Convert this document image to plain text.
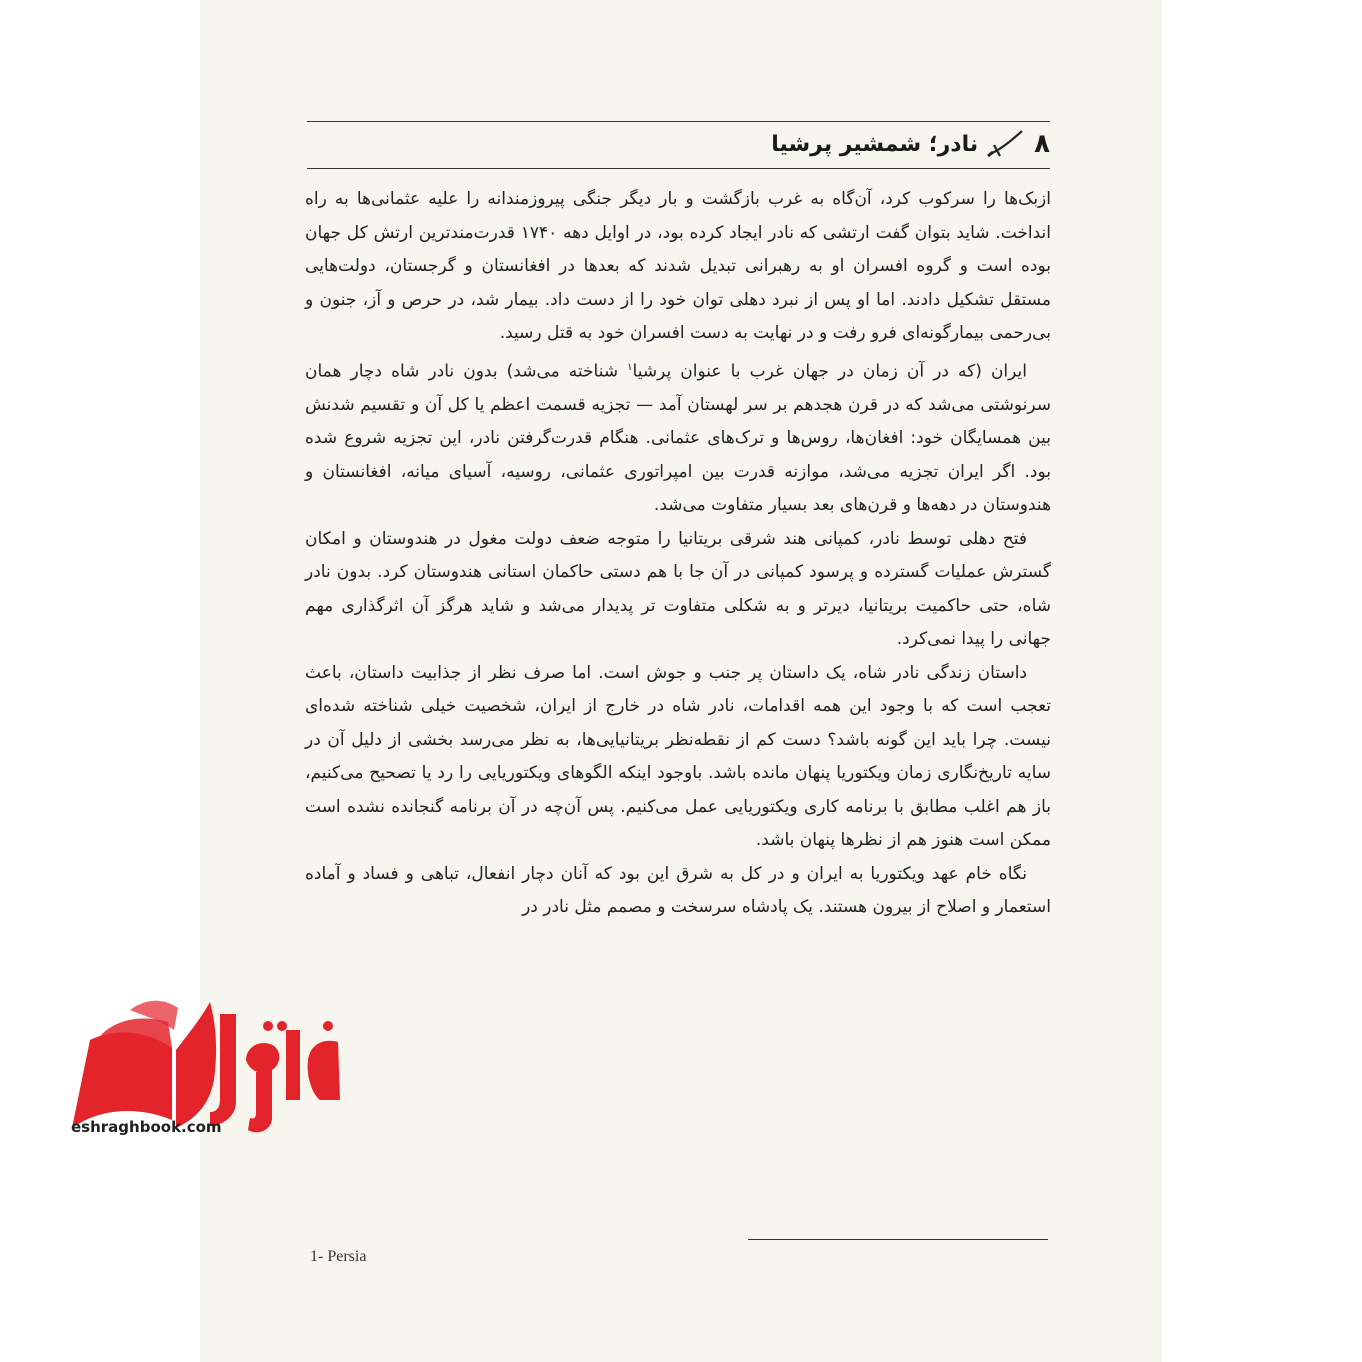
۸
نادر؛ شمشیر پرشیا

ازبک‌ها را سرکوب کرد، آن‌گاه به غرب بازگشت و بار دیگر جنگی پیروزمندانه را علیه عثمانی‌ها به راه انداخت. شاید بتوان گفت ارتشی که نادر ایجاد کرده بود، در اوایل دهه ۱۷۴۰ قدرت‌مندترین ارتش کل جهان بوده است و گروه افسران او به رهبرانی تبدیل شدند که بعدها در افغانستان و گرجستان، دولت‌هایی مستقل تشکیل دادند. اما او پس از نبرد دهلی توان خود را از دست داد. بیمار شد، در حرص و آز، جنون و بی‌رحمی بیمارگونه‌ای فرو رفت و در نهایت به دست افسران خود به قتل رسید.

ایران (که در آن زمان در جهان غرب با عنوان پرشیا$^۱$ شناخته می‌شد) بدون نادر شاه دچار همان سرنوشتی می‌شد که در قرن هجدهم بر سر لهستان آمد — تجزیه قسمت اعظم یا کل آن و تقسیم شدنش بین همسایگان خود: افغان‌ها، روس‌ها و ترک‌های عثمانی. هنگام قدرت‌گرفتن نادر، این تجزیه شروع شده بود. اگر ایران تجزیه می‌شد، موازنه قدرت بین امپراتوری عثمانی، روسیه، آسیای میانه، افغانستان و هندوستان در دهه‌ها و قرن‌های بعد بسیار متفاوت می‌شد.

فتح دهلی توسط نادر، کمپانی هند شرقی بریتانیا را متوجه ضعف دولت مغول در هندوستان و امکان گسترش عملیات گسترده و پرسود کمپانی در آن جا با هم دستی حاکمان استانی هندوستان کرد. بدون نادر شاه، حتی حاکمیت بریتانیا، دیرتر و به شکلی متفاوت تر پدیدار می‌شد و شاید هرگز آن اثرگذاری مهم جهانی را پیدا نمی‌کرد.

داستان زندگی نادر شاه، یک داستان پر جنب و جوش است. اما صرف نظر از جذابیت داستان، باعث تعجب است که با وجود این همه اقدامات، نادر شاه در خارج از ایران، شخصیت خیلی شناخته شده‌ای نیست. چرا باید این گونه باشد؟ دست کم از نقطه‌نظر بریتانیایی‌ها، به نظر می‌رسد بخشی از دلیل آن در سایه تاریخ‌نگاری زمان ویکتوریا پنهان مانده باشد. باوجود اینکه الگوهای ویکتوریایی را رد یا تصحیح می‌کنیم، باز هم اغلب مطابق با برنامه کاری ویکتوریایی عمل می‌کنیم. پس آن‌چه در آن برنامه گنجانده نشده است ممکن است هنوز هم از نظرها پنهان باشد.

نگاه خام عهد ویکتوریا به ایران و در کل به شرق این بود که آنان دچار انفعال، تباهی و فساد و آماده استعمار و اصلاح از بیرون هستند. یک پادشاه سرسخت و مصمم مثل نادر در

1- Persia
eshraghbook.com
